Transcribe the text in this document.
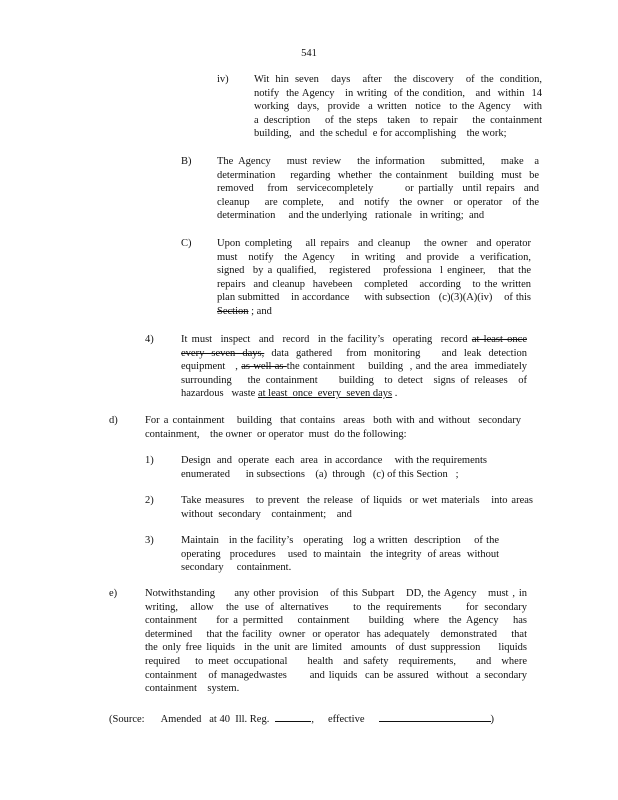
541
iv) Wit hin seven  days  after  the discovery  of the condition,
notify  the Agency   in writing  of the condition,   and  within  14
working  days,  provide  a written  notice  to the Agency   with
a description   of the steps  taken  to repair   the containment
building,   and  the schedul  e for accomplishing    the work;
B) The Agency   must review   the information   submitted,   make  a
determination    regarding  whether  the containment   building  must  be
removed   from  servicecompletely       or partially  until repairs  and
cleanup   are complete,   and  notify  the owner  or operator  of the
determination     and the underlying   rationale   in writing;  and
C) Upon completing   all repairs  and cleanup   the owner  and operator
must  notify  the Agency   in writing  and provide  a verification,
signed  by a qualified,   registered   professiona  l engineer,   that the
repairs  and cleanup  havebeen   completed   according   to the written
plan submitted    in accordance     with subsection   (c)(3)(A)(iv)    of this
Section ; and
4)	It must  inspect  and  record  in the facility’s  operating  record at least once
every seven days, data gathered  from monitoring   and leak detection
equipment   , as well as the containment    building  , and the area  immediately
surrounding   the containment    building  to detect  signs of releases  of
hazardous   waste at least  once  every  seven days .
d)	For a containment   building  that contains  areas  both with and without  secondary
containment,    the owner  or operator  must  do the following:
1)	Design  and  operate  each  area  in accordance    with the requirements
enumerated      in subsections    (a)  through   (c) of this Section   ;
2)	Take measures   to prevent  the release  of liquids  or wet materials   into areas
without  secondary    containment;    and
3)	Maintain   in the facility’s   operating   log a written  description    of the
operating   procedures    used  to maintain   the integrity  of areas  without
secondary     containment.
e)	Notwithstanding     any other provision   of this Subpart   DD, the Agency   must , in
writing,  allow  the use of alternatives    to the requirements    for secondary
containment    for a permitted   containment    building  where  the Agency   has
determined    that the facility  owner  or operator  has adequately   demonstrated    that
the only free liquids  in the unit are limited  amounts  of dust suppression    liquids
required   to meet occupational    health  and safety  requirements,    and  where
containment   of managedwastes      and liquids  can be assured  without  a secondary
containment    system.
(Source: Amended   at 40  Ill. Reg.	, effective	)
